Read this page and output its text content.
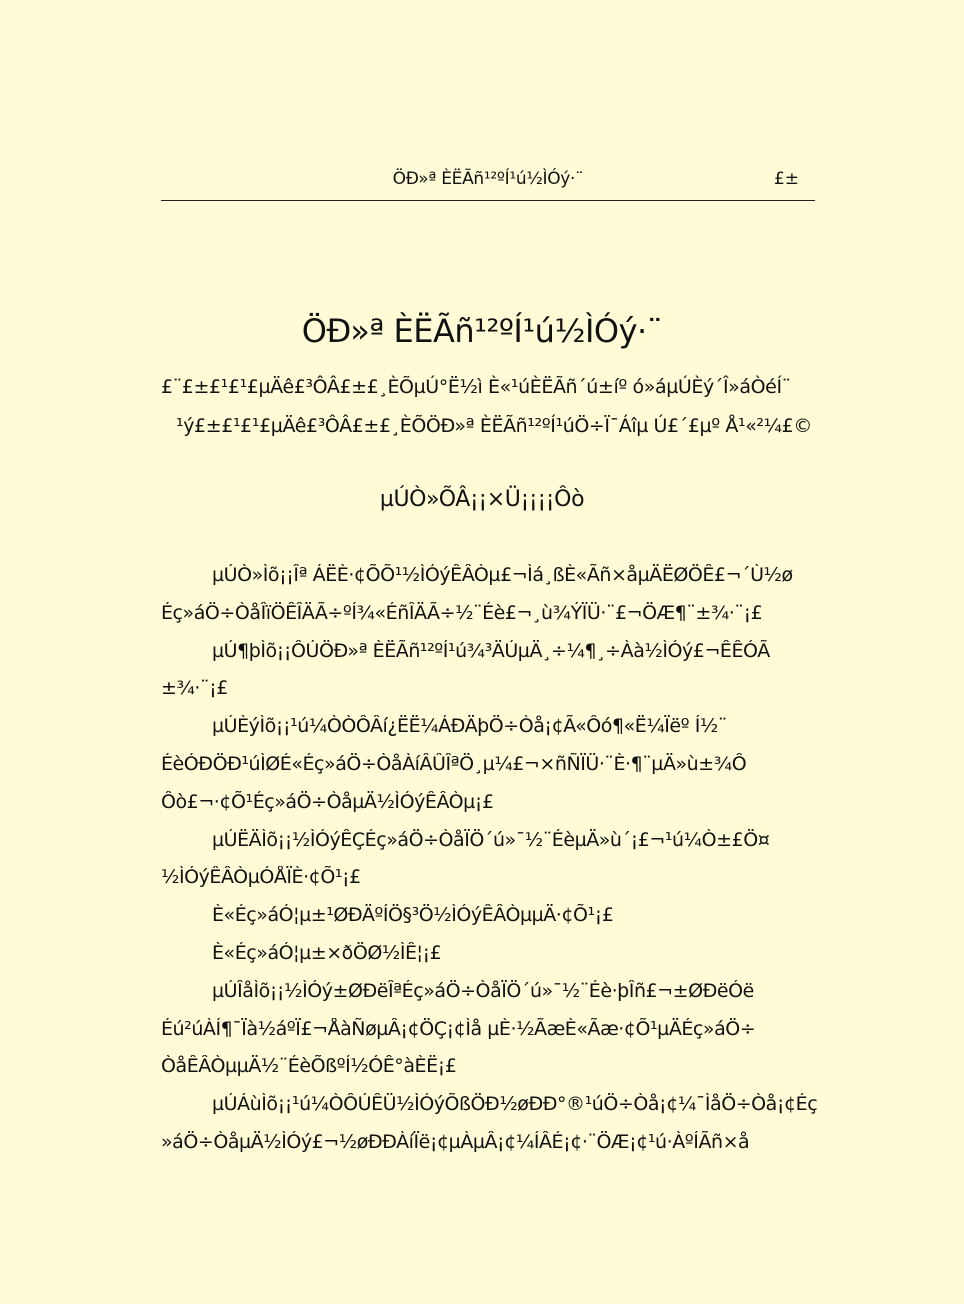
ÖÐ»ª ÈËÃñ¹²ºÍ¹ú½ÌÓý·¨	£±
ÖÐ»ª ÈËÃñ¹²ºÍ¹ú½ÌÓý·¨
£¨£±£¹£¹£µÄê£³ÔÂ£±£¸ÈÕµÚ°Ë½ì È«¹úÈËÃñ´ú±íº ó»áµÚÈý´Î»áÒéÍ¨
¹ý£±£¹£¹£µÄê£³ÔÂ£±£¸ÈÕÖÐ»ª ÈËÃñ¹²ºÍ¹úÖ÷Ï¯Áîµ Ú£´£µº Å¹«²¼£©
µÚÒ»ÕÂ¡¡×Ü¡¡¡¡Ôò
µÚÒ»Ìõ¡¡Îª ÁËÈ·¢ÕÕ¹½ÌÓýÊÂÒµ£¬Ìá¸ßÈ«Ãñ×åµÄËØÖÊ£¬´Ù½ø
Éç»áÖ÷ÒåÎïÖÊÎÄÃ÷ºÍ¾«ÉñÎÄÃ÷½¨Éè£¬¸ù¾ÝÏÜ·¨£¬ÖÆ¶¨±¾·¨¡£
µÚ¶þÌõ¡¡ÔÚÖÐ»ª ÈËÃñ¹²ºÍ¹ú¾³ÄÚµÄ¸÷¼¶¸÷Àà½ÌÓý£¬ÊÊÓÃ
±¾·¨¡£
µÚÈýÌõ¡¡¹ú¼ÒÒÔÂí¿ËË¼ÁÐÄþÖ÷Òå¡¢Ã«Ôó¶«Ë¼Ïëº Í½¨
ÉèÓÐÖÐ¹úÌØÉ«Éç»áÖ÷ÒåÀíÂÛÎªÖ¸µ¼£¬×ñÑÏÜ·¨È·¶¨µÄ»ù±¾Ô
Ôò£¬·¢Õ¹Éç»áÖ÷ÒåµÄ½ÌÓýÊÂÒµ¡£
µÚËÄÌõ¡¡½ÌÓýÊÇÉç»áÖ÷ÒåÏÖ´ú»¯½¨ÉèµÄ»ù´¡£¬¹ú¼Ò±£Ö¤
½ÌÓýÊÂÒµÓÅÏÈ·¢Õ¹¡£
È«Éç»áÓ¦µ±¹ØÐÄºÍÖ§³Ö½ÌÓýÊÂÒµµÄ·¢Õ¹¡£
È«Éç»áÓ¦µ±×ðÖØ½ÌÊ¦¡£
µÚÎåÌõ¡¡½ÌÓý±ØÐëÎªÉç»áÖ÷ÒåÏÖ´ú»¯½¨Éè·þÎñ£¬±ØÐëÓë
Éú²úÀÍ¶¯Ïà½áºÏ£¬ÅàÑøµÂ¡¢ÖÇ¡¢Ìå µÈ·½ÃæÈ«Ãæ·¢Õ¹µÄÉç»áÖ÷
ÒåÊÂÒµµÄ½¨ÉèÕßºÍ½ÓÊ°àÈË¡£
µÚÁùÌõ¡¡¹ú¼ÒÔÚÊÜ½ÌÓýÕßÖÐ½øÐÐ°®¹úÖ÷Òå¡¢¼¯ÌåÖ÷Òå¡¢Éç
»áÖ÷ÒåµÄ½ÌÓý£¬½øÐÐÀíÏë¡¢µÀµÂ¡¢¼ÍÂÉ¡¢·¨ÖÆ¡¢¹ú·ÀºÍÃñ×å
